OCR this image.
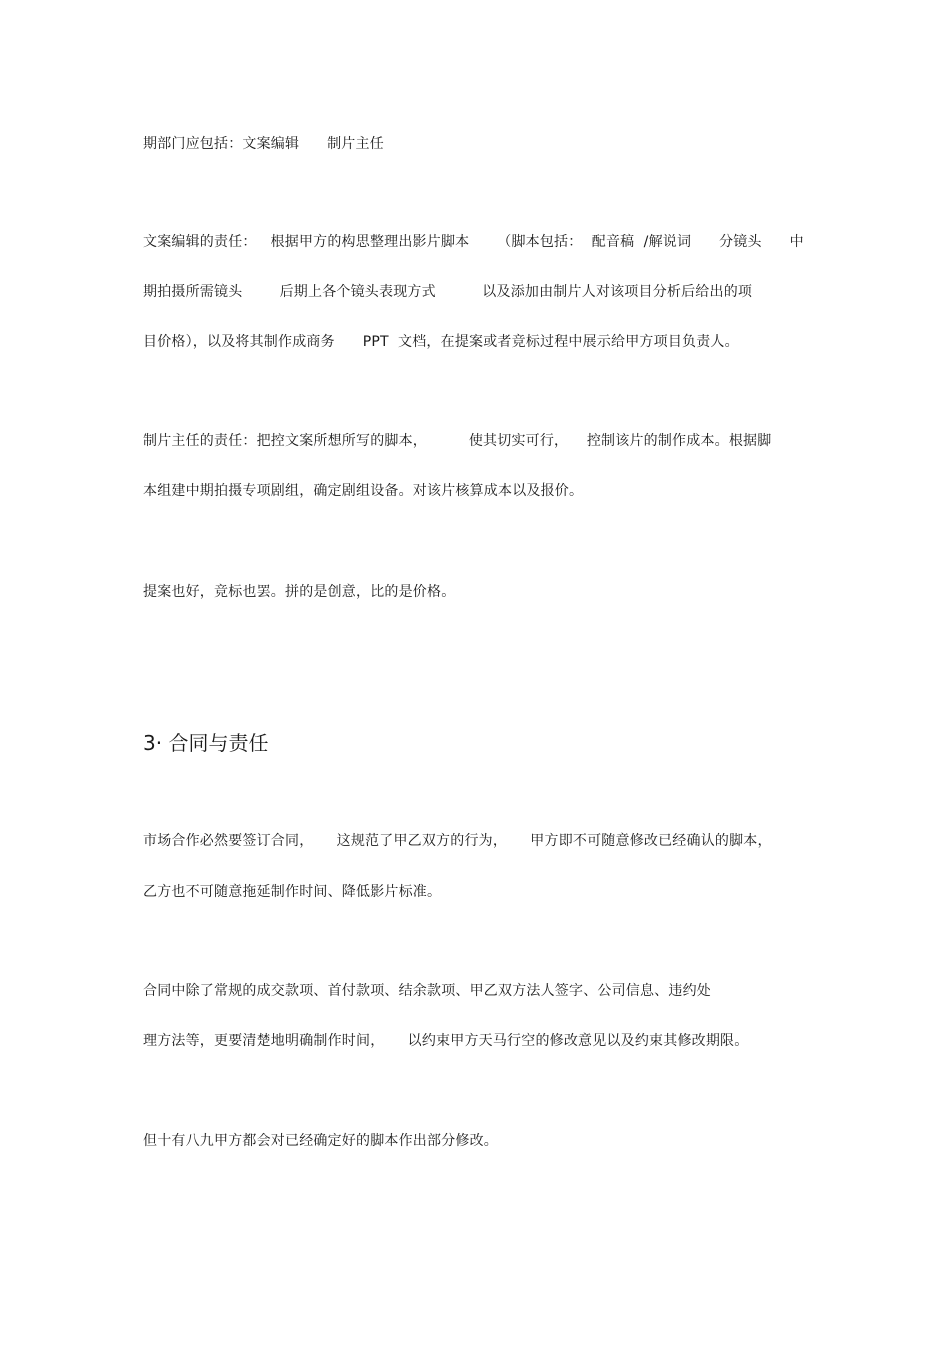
期部门应包括：文案编辑      制片主任
文案编辑的责任：   根据甲方的构思整理出影片脚本      （脚本包括：  配音稿  /解说词      分镜头      中
期拍摄所需镜头        后期上各个镜头表现方式          以及添加由制片人对该项目分析后给出的项
目价格），以及将其制作成商务      PPT  文档，在提案或者竞标过程中展示给甲方项目负责人。
制片主任的责任：把控文案所想所写的脚本，         使其切实可行，    控制该片的制作成本。根据脚
本组建中期拍摄专项剧组，确定剧组设备。对该片核算成本以及报价。
提案也好，竞标也罢。拼的是创意，比的是价格。
3· 合同与责任
市场合作必然要签订合同，     这规范了甲乙双方的行为，     甲方即不可随意修改已经确认的脚本，
乙方也不可随意拖延制作时间、降低影片标准。
合同中除了常规的成交款项、首付款项、结余款项、甲乙双方法人签字、公司信息、违约处
理方法等，更要清楚地明确制作时间，     以约束甲方天马行空的修改意见以及约束其修改期限。
但十有八九甲方都会对已经确定好的脚本作出部分修改。
